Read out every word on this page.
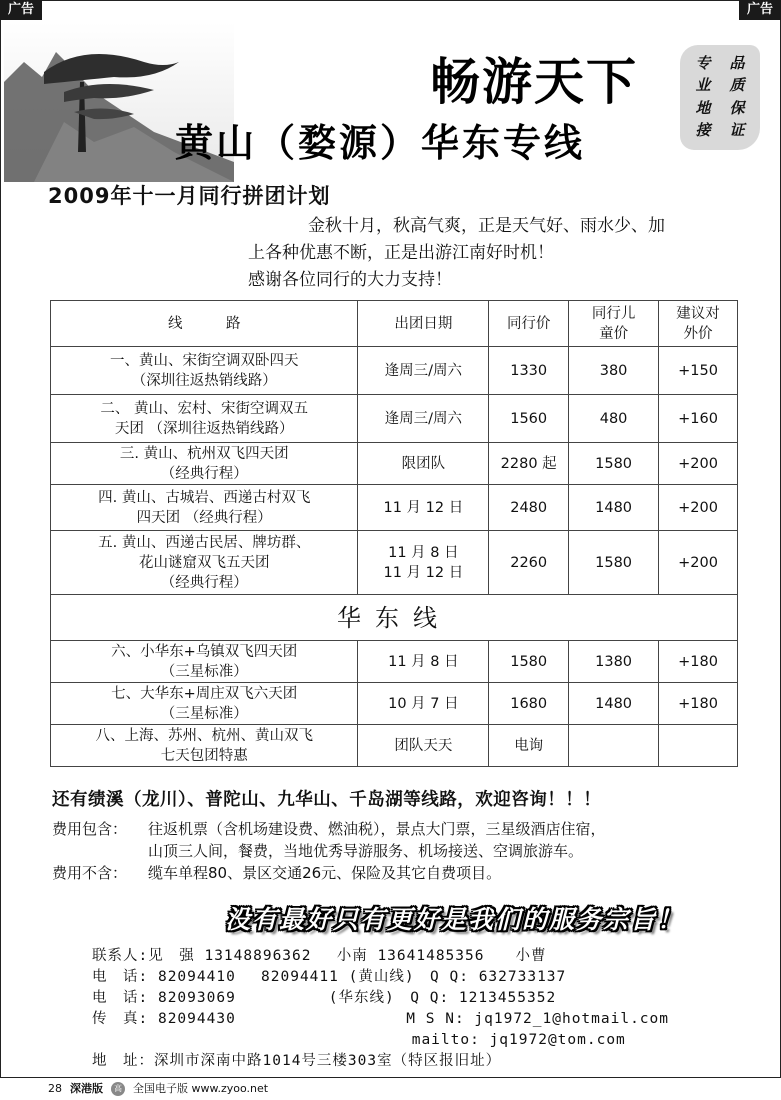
广告	广告
畅游天下
黄山（婺源）华东专线
专
业
地
接
品
质
保
证
2009年十一月同行拼团计划

金秋十月，秋高气爽，正是天气好、雨水少、加

上各种优惠不断，正是出游江南好时机！

感谢各位同行的大力支持！

线　　　路	出团日期	同行价	同行儿
童价	建议对
外价

一、黄山、宋街空调双卧四天
（深圳往返热销线路）	逢周三/周六	1330	380	+150

二、 黄山、宏村、宋街空调双五
天团 （深圳往返热销线路）	逢周三/周六	1560	480	+160

三. 黄山、杭州双飞四天团
（经典行程）	限团队	2280 起	1580	+200

四. 黄山、古城岩、西递古村双飞
四天团 （经典行程）	11 月 12 日	2480	1480	+200

五. 黄山、西递古民居、牌坊群、
花山谜窟双飞五天团
（经典行程）	11 月 8 日
11 月 12 日	2260	1580	+200
华东线				

六、小华东+乌镇双飞四天团
（三星标准）	11 月 8 日	1580	1380	+180

七、大华东+周庄双飞六天团
（三星标准）	10 月 7 日	1680	1480	+180

八、上海、苏州、杭州、黄山双飞
七天包团特惠	团队天天	电询		
还有绩溪（龙川）、普陀山、九华山、千岛湖等线路，欢迎咨询！！！
费用包含： 往返机票（含机场建设费、燃油税），景点大门票，三星级酒店住宿，
山顶三人间，餐费，当地优秀导游服务、机场接送、空调旅游车。
费用不含： 缆车单程80、景区交通26元、保险及其它自费项目。
没有最好只有更好是我们的服务宗旨！
联系人:见　强 13148896362　 小南 13641485356　　小曹
电　话: 82094410　 82094411 (黄山线)　Q Q: 632733137
电　话: 82093069　　　　　　(华东线)　Q Q: 1213455352
传　真: 82094430　　　　　　　　　　　M S N: jq1972_1@hotmail.com
　　　　　　　　　　　　　　　　　　　　 mailto: jq1972@tom.com
地　址：深圳市深南中路1014号三楼303室（特区报旧址）
28 深港版	高 全国电子版 www.zyoo.net
